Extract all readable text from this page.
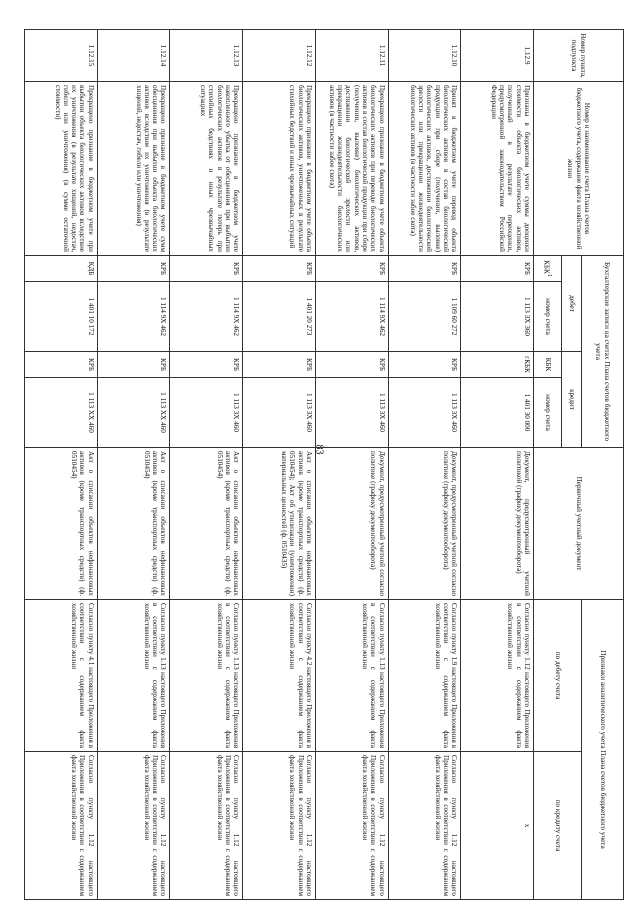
83
Номер пункта, подпункта	Номер и наименование счета Плана счетов бюджетного учета, содержание факта хозяйственной жизни	Бухгалтерские записи на счетах Плана счетов бюджетного учета				Первичный учетный документ	Признаки аналитического учета Плана счетов бюджетного учета	
		дебет		кредит			по дебету счета	по кредиту счета
		КБК$^1$	номер счета	КБК	номер счета			

1.12.9	Признаны в бюджетном учете суммы дооценки стоимости объекта биологических активов, полученный в результате переоценки, предусмотренной законодательством Российской Федерации	КРБ	1 113 3Х 360	гКБК	1 401 30 000	Документ, предусмотренный учетной политикой (графику документооборота)	Согласно пункту 1.12 настоящего Приложения в соответствии с содержанием факта хозяйственной жизни	х
1.12.10	Принят в бюджетном учете перевод объекта биологических активов в состав биологической продукции при сборе (получении, выловке) биологических активов, достижении биологической зрелости или прекращении жизнедеятельности биологических активов (в частности забое скота)	КРБ	1 109 60 272	КРБ	1 113 3Х 460	Документ, предусмотренный учетной согласно политике (графику документооборота)	Согласно пункту 1.9 настоящего Приложения в соответствии с содержанием факта хозяйственной жизни	Согласно пункту 1.12 настоящего Приложения в соответствии с содержанием факта хозяйственной жизни
1.12.11	Прекращено признание в бюджетном учете объекта биологических активов при переводе биологических активов в состав биологической продукции при сборе (получении, выловке) биологических активов, достижении биологической зрелости или прекращении жизнедеятельности биологических активов (в частности забое скота)	КРБ	1 114 9Х 462	КРБ	1 113 3Х 460	Документ, предусмотренный учетной согласно политике (графику документооборота)	Согласно пункту 1.13 настоящего Приложения в соответствии с содержанием факта хозяйственной жизни	Согласно пункту 1.12 настоящего Приложения в соответствии с содержанием факта хозяйственной жизни
1.12.12	Прекращено признание в бюджетном учете объекта биологических активов, уничтоженных в результате стихийных бедствий и иных чрезвычайных ситуаций	КРБ	1 401 20 273	КРБ	1 113 3Х 460	Акт о списании объектов нефинансовых активов (кроме транспортных средств) (ф. 0510454); Акт об утилизации (уничтожении) материальных ценностей (ф. 0510435)	Согласно пункту 4.2 настоящего Приложения в соответствии с содержанием факта хозяйственной жизни	Согласно пункту 1.12 настоящего Приложения в соответствии с содержанием факта хозяйственной жизни
1.12.13	Прекращено признание в бюджетном учете накопленного убытка от обесценения при выбытии биологических активов в результате потерь при стихийных бедствиях и иных чрезвычайных ситуациях	КРБ	1 114 9Х 462	КРБ	1 113 3Х 460	Акт о списании объектов нефинансовых активов (кроме транспортных средств) (ф. 0510454)	Согласно пункту 1.13 настоящего Приложения в соответствии с содержанием факта хозяйственной жизни	Согласно пункту 1.12 настоящего Приложения в соответствии с содержанием факта хозяйственной жизни
1.12.14	Прекращено признание в бюджетном учете сумм обесценения при выбытии объекта биологических активов вследствие их уничтожения (в результате хищений, недостач, гибели или уничтожения)	КРБ	1 114 9Х 462	КРБ	1 113 ХХ 460	Акт о списании объектов нефинансовых активов (кроме транспортных средств) (ф. 0510454)	Согласно пункту 1.13 настоящего Приложения в соответствии с содержанием факта хозяйственной жизни	Согласно пункту 1.12 настоящего Приложения в соответствии с содержанием факта хозяйственной жизни
1.12.15	Прекращено признание в бюджетном учете при выбытии объекта биологических активов вследствие их уничтожения (в результате хищений, недостач, гибели или уничтожения) (в сумме остаточной стоимости)	КДБ	1 401 10 172	КРБ	1 113 ХХ 460	Акт о списании объектов нефинансовых активов (кроме транспортных средств) (ф. 0510454)	Согласно пункту 4.1 настоящего Приложения в соответствии с содержанием факта хозяйственной жизни	Согласно пункту 1.12 настоящего Приложения в соответствии с содержанием факта хозяйственной жизни
